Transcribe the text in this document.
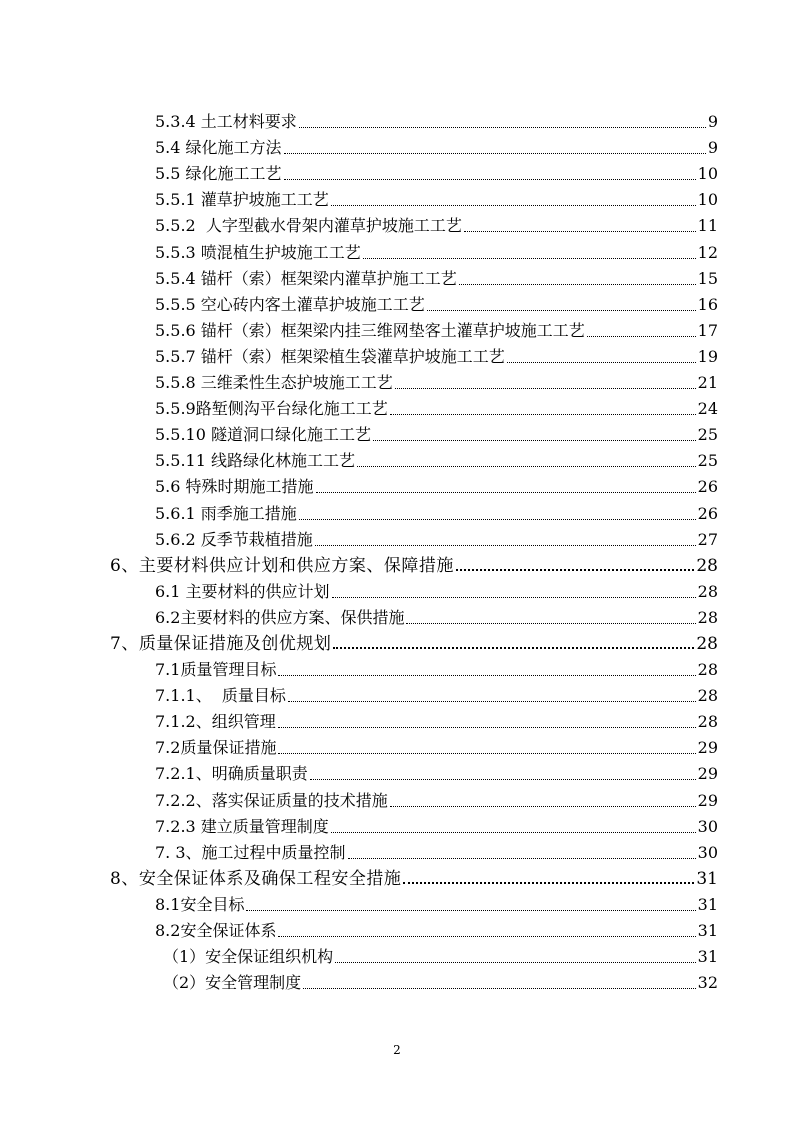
5.3.4 土工材料要求	9
5.4 绿化施工方法	9
5.5 绿化施工工艺	10
5.5.1 灌草护坡施工工艺	10
5.5.2  人字型截水骨架内灌草护坡施工工艺	11
5.5.3 喷混植生护坡施工工艺	12
5.5.4 锚杆（索）框架梁内灌草护施工工艺	15
5.5.5 空心砖内客土灌草护坡施工工艺	16
5.5.6 锚杆（索）框架梁内挂三维网垫客土灌草护坡施工工艺	17
5.5.7 锚杆（索）框架梁植生袋灌草护坡施工工艺	19
5.5.8 三维柔性生态护坡施工工艺	21
5.5.9路堑侧沟平台绿化施工工艺	24
5.5.10 隧道洞口绿化施工工艺	25
5.5.11 线路绿化林施工工艺	25
5.6 特殊时期施工措施	26
5.6.1 雨季施工措施	26
5.6.2 反季节栽植措施	27
6、主要材料供应计划和供应方案、保障措施	28
6.1 主要材料的供应计划	28
6.2主要材料的供应方案、保供措施	28
7、质量保证措施及创优规划	28
7.1质量管理目标	28
7.1.1、  质量目标	28
7.1.2、组织管理	28
7.2质量保证措施	29
7.2.1、明确质量职责	29
7.2.2、落实保证质量的技术措施	29
7.2.3 建立质量管理制度	30
7. 3、施工过程中质量控制	30
8、安全保证体系及确保工程安全措施	31
8.1安全目标	31
8.2安全保证体系	31
（1）安全保证组织机构	31
（2）安全管理制度	32
2
